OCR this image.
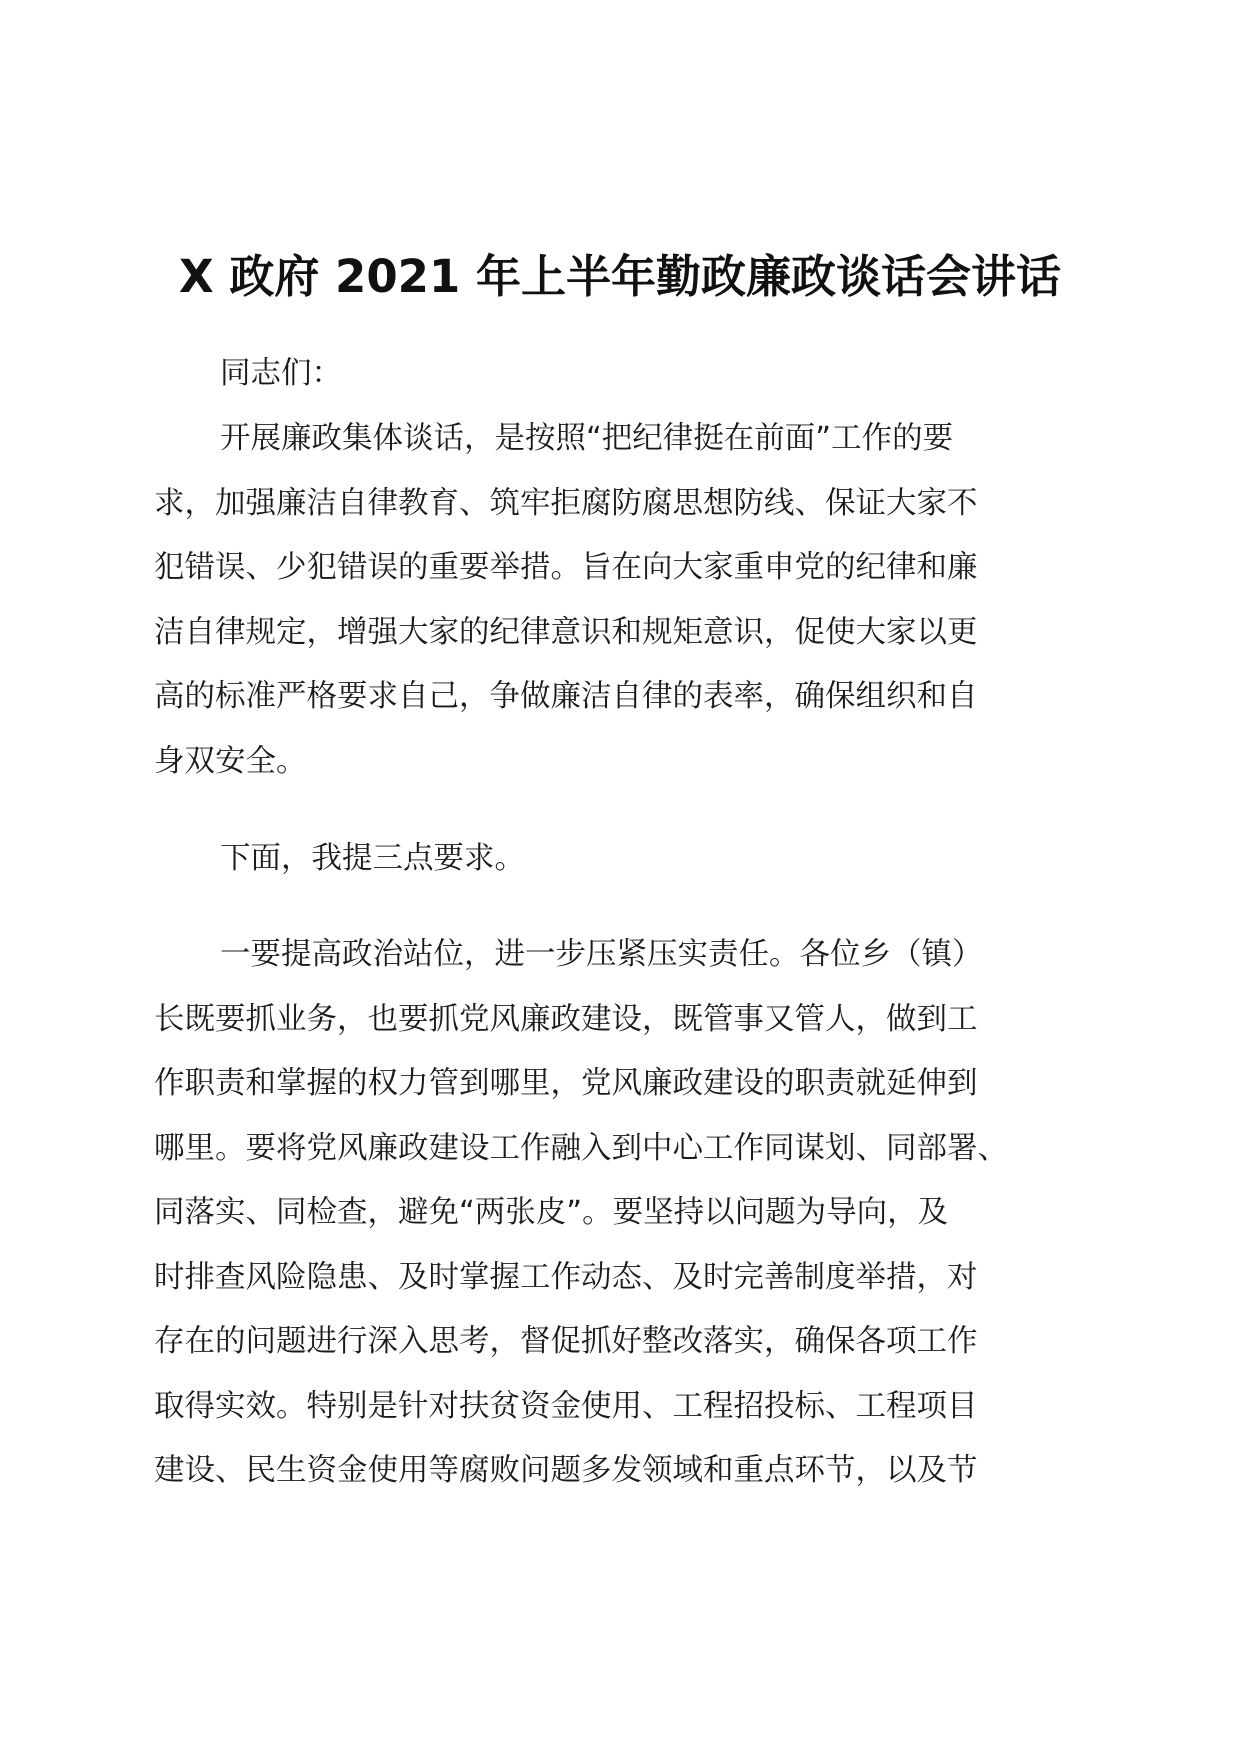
X 政府 2021 年上半年勤政廉政谈话会讲话

同志们：

开展廉政集体谈话，是按照“把纪律挺在前面”工作的要
求，加强廉洁自律教育、筑牢拒腐防腐思想防线、保证大家不
犯错误、少犯错误的重要举措。旨在向大家重申党的纪律和廉
洁自律规定，增强大家的纪律意识和规矩意识，促使大家以更
高的标准严格要求自己，争做廉洁自律的表率，确保组织和自
身双安全。

下面，我提三点要求。

一要提高政治站位，进一步压紧压实责任。各位乡（镇）
长既要抓业务，也要抓党风廉政建设，既管事又管人，做到工
作职责和掌握的权力管到哪里，党风廉政建设的职责就延伸到
哪里。要将党风廉政建设工作融入到中心工作同谋划、同部署、
同落实、同检查，避免“两张皮”。要坚持以问题为导向，及
时排查风险隐患、及时掌握工作动态、及时完善制度举措，对
存在的问题进行深入思考，督促抓好整改落实，确保各项工作
取得实效。特别是针对扶贫资金使用、工程招投标、工程项目
建设、民生资金使用等腐败问题多发领域和重点环节，以及节
